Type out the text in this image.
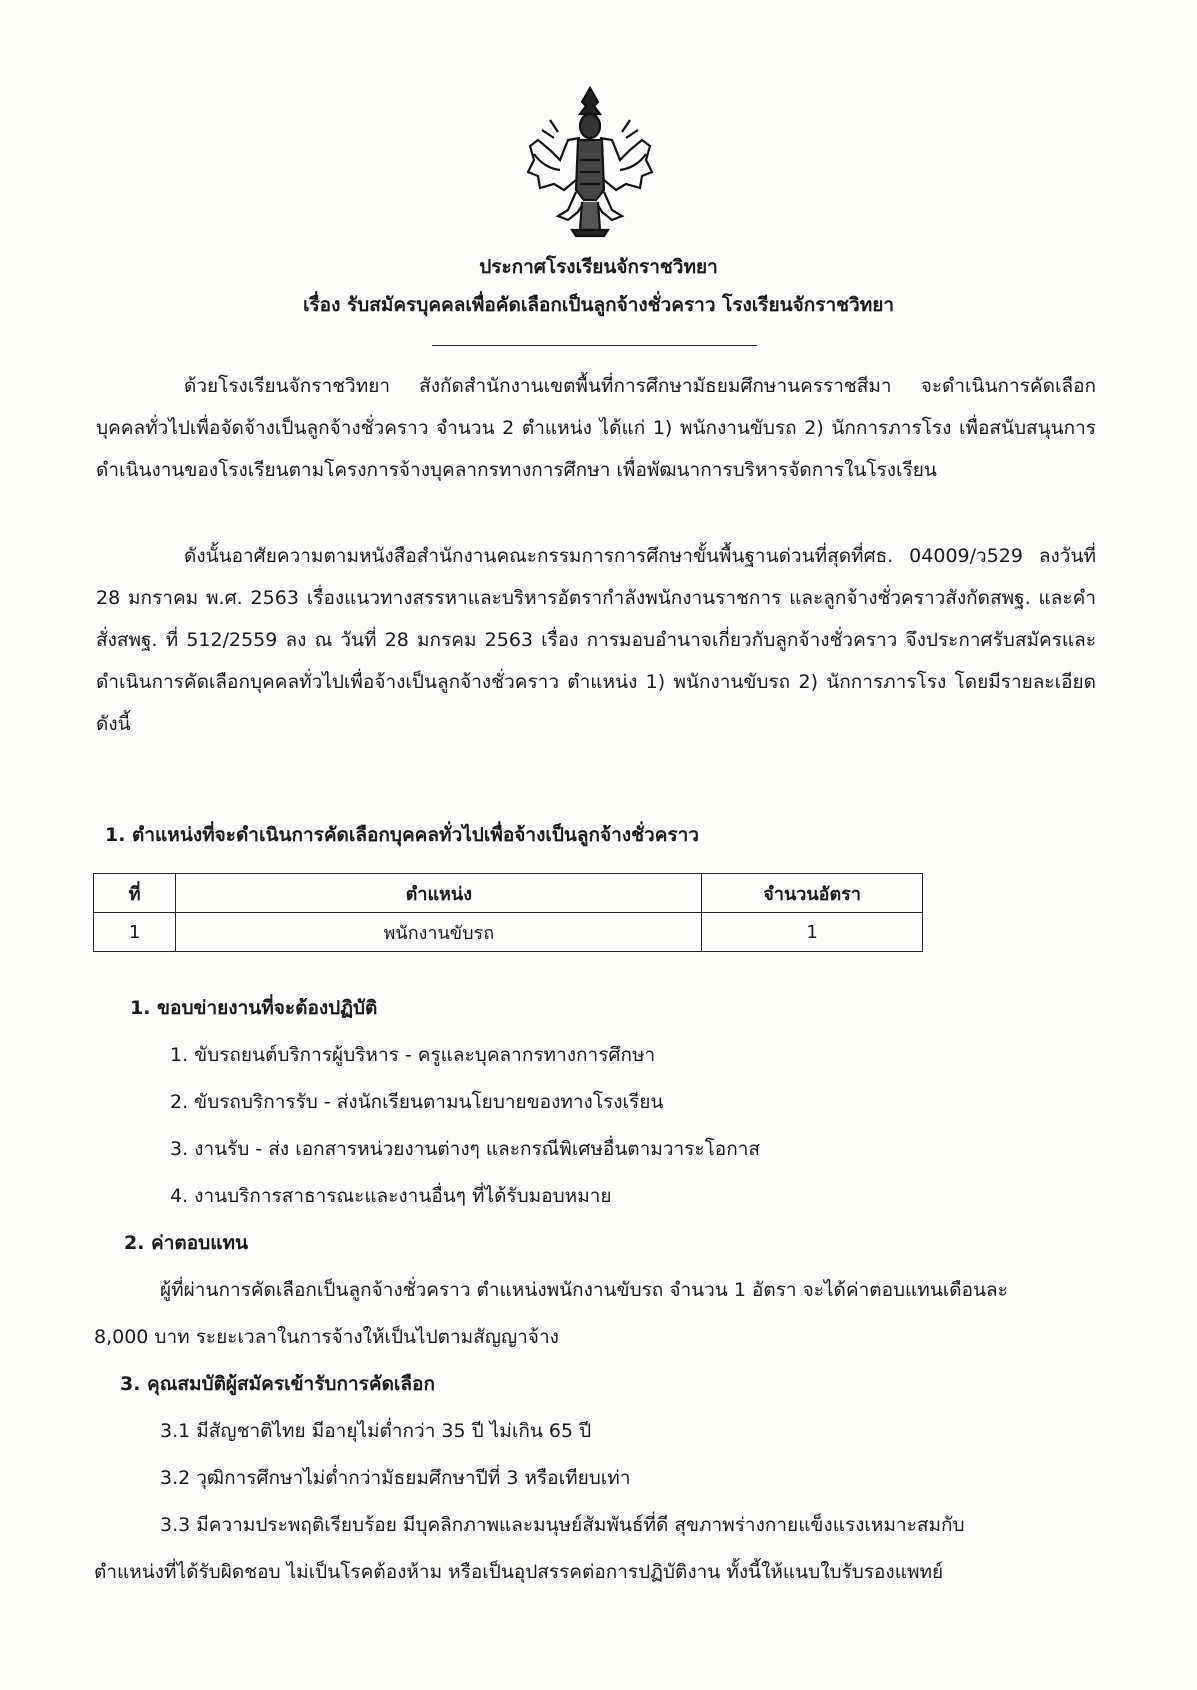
ประกาศโรงเรียนจักราชวิทยา
เรื่อง รับสมัครบุคคลเพื่อคัดเลือกเป็นลูกจ้างชั่วคราว โรงเรียนจักราชวิทยา
ด้วยโรงเรียนจักราชวิทยา สังกัดสำนักงานเขตพื้นที่การศึกษามัธยมศึกษานครราชสีมา จะดำเนินการคัดเลือกบุคคลทั่วไปเพื่อจัดจ้างเป็นลูกจ้างชั่วคราว จำนวน 2 ตำแหน่ง ได้แก่ 1) พนักงานขับรถ 2) นักการภารโรง เพื่อสนับสนุนการดำเนินงานของโรงเรียนตามโครงการจ้างบุคลากรทางการศึกษา เพื่อพัฒนาการบริหารจัดการในโรงเรียน
ดังนั้นอาศัยความตามหนังสือสำนักงานคณะกรรมการการศึกษาขั้นพื้นฐานด่วนที่สุดที่ศธ. 04009/ว529 ลงวันที่ 28 มกราคม พ.ศ. 2563 เรื่องแนวทางสรรหาและบริหารอัตรากำลังพนักงานราชการ และลูกจ้างชั่วคราวสังกัดสพฐ. และคำสั่งสพฐ. ที่ 512/2559 ลง ณ วันที่ 28 มกรคม 2563 เรื่อง การมอบอำนาจเกี่ยวกับลูกจ้างชั่วคราว จึงประกาศรับสมัครและดำเนินการคัดเลือกบุคคลทั่วไปเพื่อจ้างเป็นลูกจ้างชั่วคราว ตำแหน่ง 1) พนักงานขับรถ 2) นักการภารโรง โดยมีรายละเอียดดังนี้
1. ตำแหน่งที่จะดำเนินการคัดเลือกบุคคลทั่วไปเพื่อจ้างเป็นลูกจ้างชั่วคราว
ที่	ตำแหน่ง	จำนวนอัตรา
1	พนักงานขับรถ	1
1. ขอบข่ายงานที่จะต้องปฏิบัติ
1. ขับรถยนต์บริการผู้บริหาร - ครูและบุคลากรทางการศึกษา
2. ขับรถบริการรับ - ส่งนักเรียนตามนโยบายของทางโรงเรียน
3. งานรับ - ส่ง เอกสารหน่วยงานต่างๆ และกรณีพิเศษอื่นตามวาระโอกาส
4. งานบริการสาธารณะและงานอื่นๆ ที่ได้รับมอบหมาย
2. ค่าตอบแทน
ผู้ที่ผ่านการคัดเลือกเป็นลูกจ้างชั่วคราว ตำแหน่งพนักงานขับรถ จำนวน 1 อัตรา จะได้ค่าตอบแทนเดือนละ
8,000 บาท ระยะเวลาในการจ้างให้เป็นไปตามสัญญาจ้าง
3. คุณสมบัติผู้สมัครเข้ารับการคัดเลือก
3.1 มีสัญชาติไทย มีอายุไม่ต่ำกว่า 35 ปี ไม่เกิน 65 ปี
3.2 วุฒิการศึกษาไม่ต่ำกว่ามัธยมศึกษาปีที่ 3 หรือเทียบเท่า
3.3 มีความประพฤติเรียบร้อย มีบุคลิกภาพและมนุษย์สัมพันธ์ที่ดี สุขภาพร่างกายแข็งแรงเหมาะสมกับ
ตำแหน่งที่ได้รับผิดชอบ ไม่เป็นโรคต้องห้าม หรือเป็นอุปสรรคต่อการปฏิบัติงาน ทั้งนี้ให้แนบใบรับรองแพทย์
